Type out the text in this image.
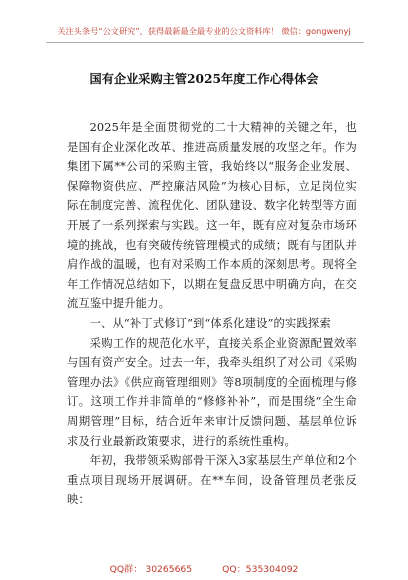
关注头条号“公文研究”，获得最新最全最专业的公文资料库！ 微信：gongwenyj
国有企业采购主管2025年度工作心得体会

2025年是全面贯彻党的二十大精神的关键之年，也是国有企业深化改革、推进高质量发展的攻坚之年。作为集团下属**公司的采购主管，我始终以“服务企业发展、保障物资供应、严控廉洁风险”为核心目标，立足岗位实际在制度完善、流程优化、团队建设、数字化转型等方面开展了一系列探索与实践。这一年，既有应对复杂市场环境的挑战，也有突破传统管理模式的成绩；既有与团队并肩作战的温暖，也有对采购工作本质的深刻思考。现将全年工作情况总结如下，以期在复盘反思中明确方向，在交流互鉴中提升能力。

一、从“补丁式修订”到“体系化建设”的实践探索

采购工作的规范化水平，直接关系企业资源配置效率与国有资产安全。过去一年，我牵头组织了对公司《采购管理办法》《供应商管理细则》等8项制度的全面梳理与修订。这项工作并非简单的“修修补补”，而是围绕“全生命周期管理”目标，结合近年来审计反馈问题、基层单位诉求及行业最新政策要求，进行的系统性重构。

年初，我带领采购部骨干深入3家基层生产单位和2个重点项目现场开展调研。在**车间，设备管理员老张反映：

QQ群： 30265665	QQ：535304092
